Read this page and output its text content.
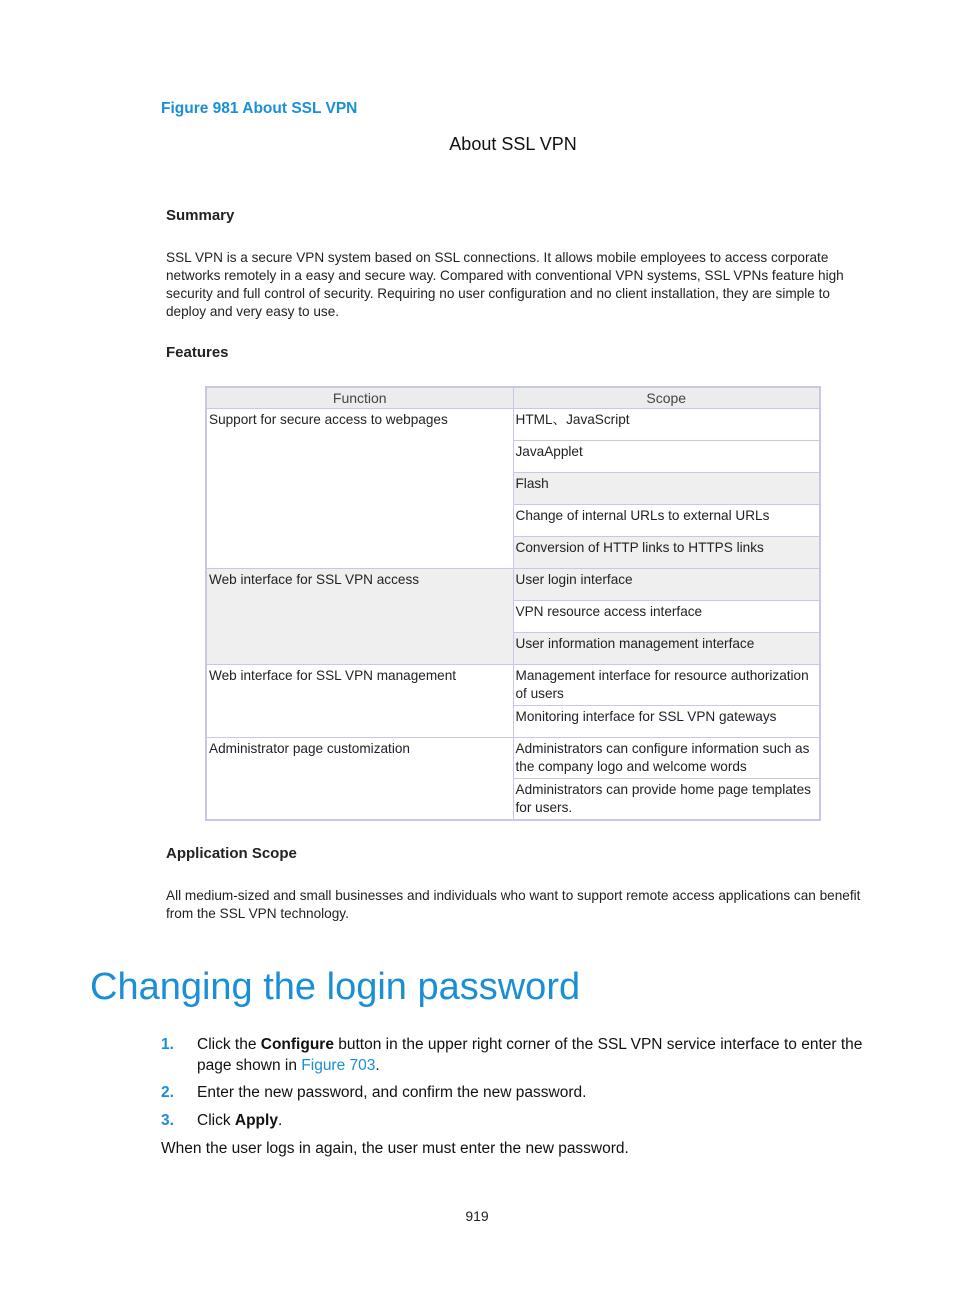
Figure 981 About SSL VPN
About SSL VPN
Summary
SSL VPN is a secure VPN system based on SSL connections. It allows mobile employees to access corporate networks remotely in a easy and secure way. Compared with conventional VPN systems, SSL VPNs feature high security and full control of security. Requiring no user configuration and no client installation, they are simple to deploy and very easy to use.
Features
Function	Scope
Support for secure access to webpages	HTML、JavaScript
	JavaApplet
	Flash
	Change of internal URLs to external URLs
	Conversion of HTTP links to HTTPS links
Web interface for SSL VPN access	User login interface
	VPN resource access interface
	User information management interface
Web interface for SSL VPN management	Management interface for resource authorization of users
	Monitoring interface for SSL VPN gateways
Administrator page customization	Administrators can configure information such as the company logo and welcome words
	Administrators can provide home page templates for users.
Application Scope
All medium-sized and small businesses and individuals who want to support remote access applications can benefit from the SSL VPN technology.
Changing the login password
1. Click the Configure button in the upper right corner of the SSL VPN service interface to enter the page shown in Figure 703.
2. Enter the new password, and confirm the new password.
3. Click Apply.
When the user logs in again, the user must enter the new password.
919
